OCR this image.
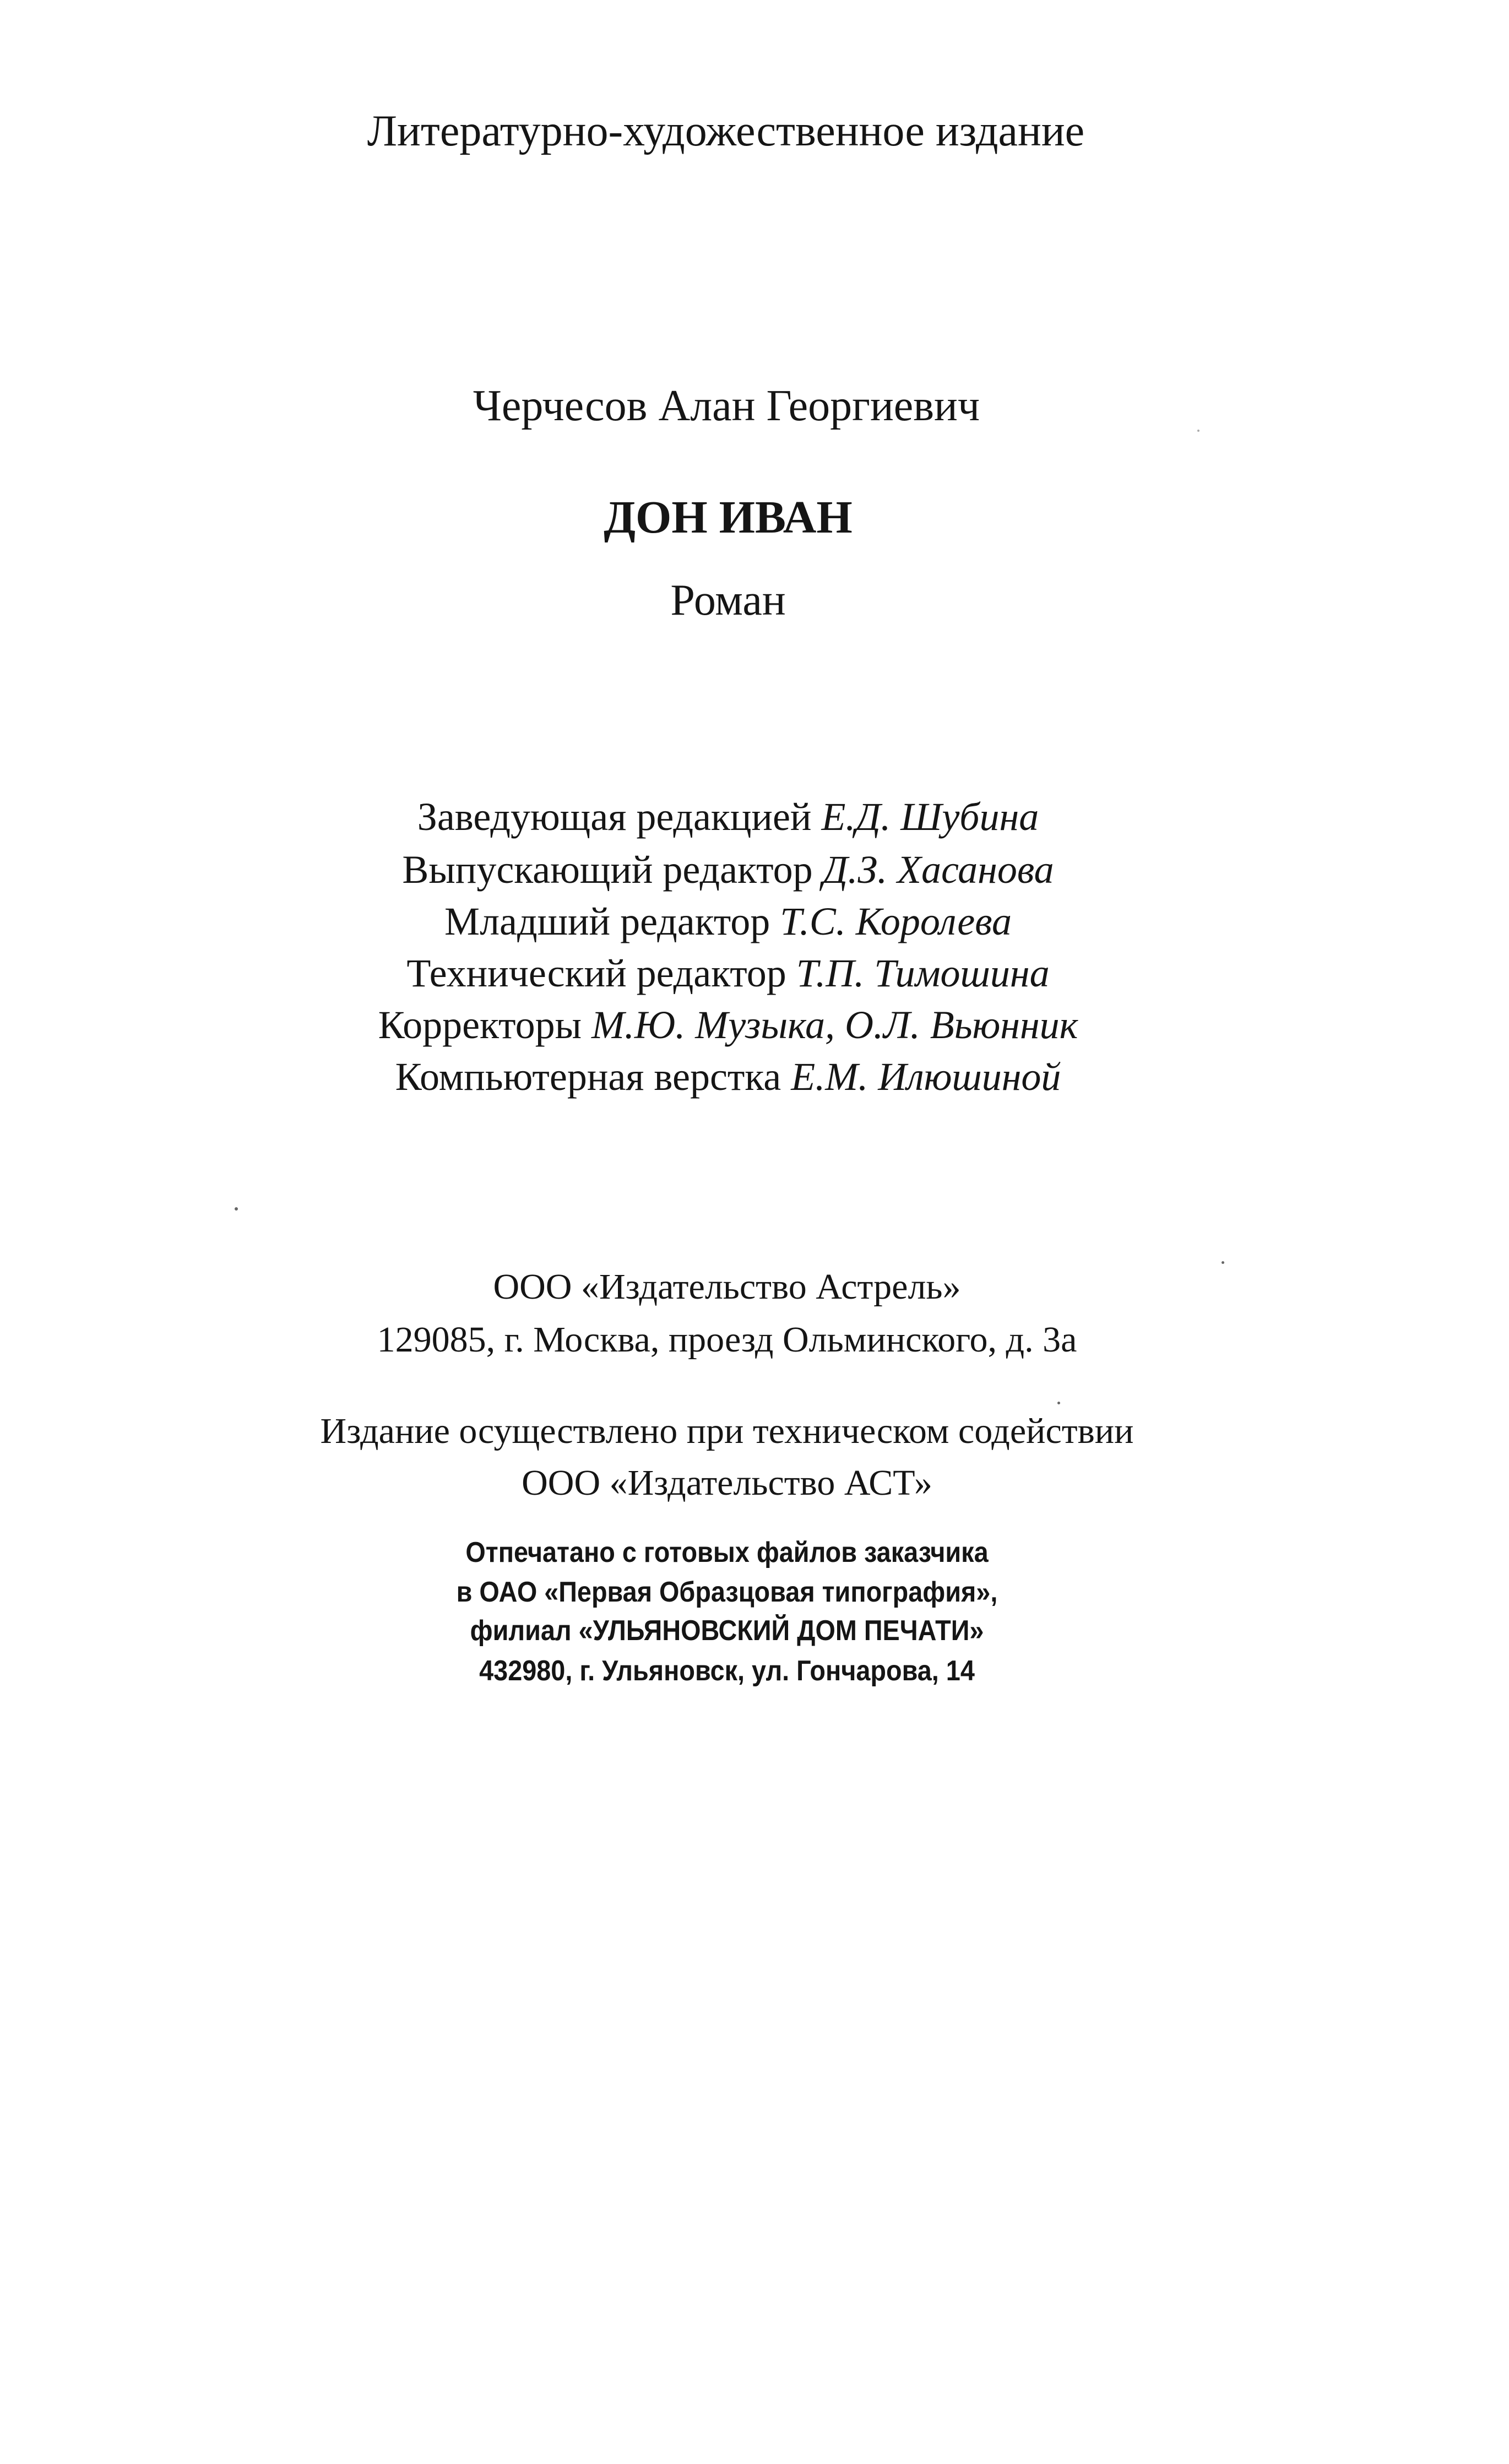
Литературно-художественное издание
Черчесов Алан Георгиевич
ДОН ИВАН
Роман
Заведующая редакцией Е.Д. Шубина
Выпускающий редактор Д.З. Хасанова
Младший редактор Т.С. Королева
Технический редактор Т.П. Тимошина
Корректоры М.Ю. Музыка, О.Л. Вьюнник
Компьютерная верстка Е.М. Илюшиной
ООО «Издательство Астрель»
129085, г. Москва, проезд Ольминского, д. 3а
Издание осуществлено при техническом содействии
ООО «Издательство АСТ»
Отпечатано с готовых файлов заказчика
в ОАО «Первая Образцовая типография»,
филиал «УЛЬЯНОВСКИЙ ДОМ ПЕЧАТИ»
432980, г. Ульяновск, ул. Гончарова, 14
